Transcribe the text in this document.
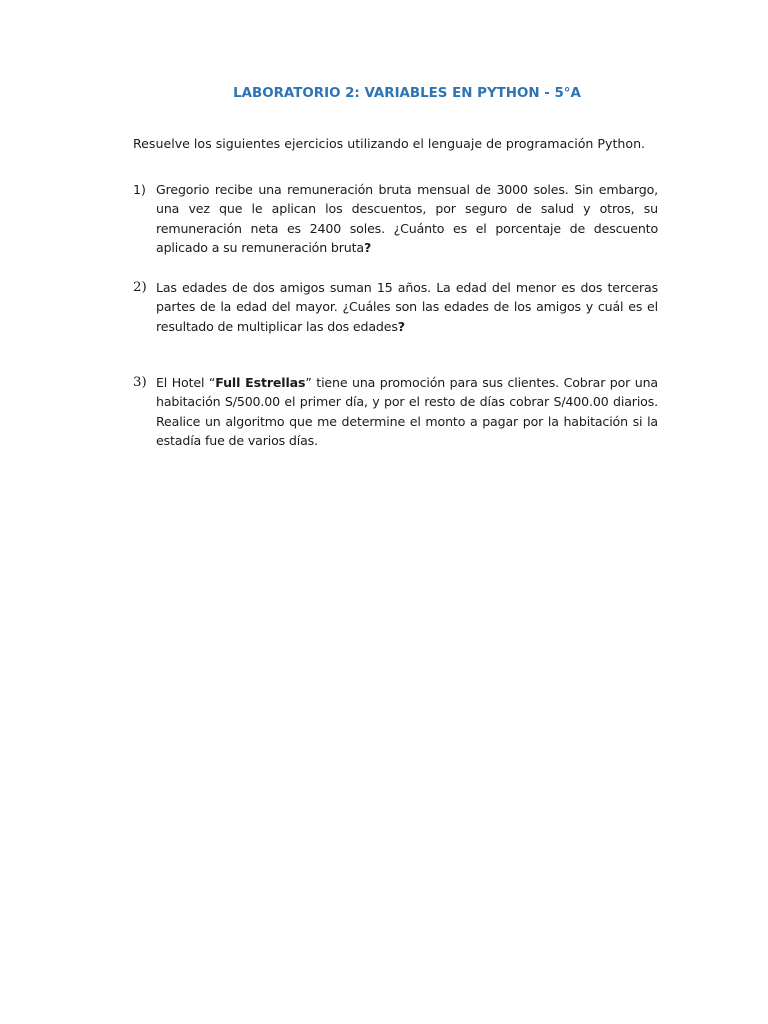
LABORATORIO 2: VARIABLES EN PYTHON - 5°A
Resuelve los siguientes ejercicios utilizando el lenguaje de programación Python.
1) Gregorio recibe una remuneración bruta mensual de 3000 soles. Sin embargo, una vez que le aplican los descuentos, por seguro de salud y otros, su remuneración neta es 2400 soles. ¿Cuánto es el porcentaje de descuento aplicado a su remuneración bruta?
2) Las edades de dos amigos suman 15 años. La edad del menor es dos terceras partes de la edad del mayor. ¿Cuáles son las edades de los amigos y cuál es el resultado de multiplicar las dos edades?
3) El Hotel “Full Estrellas” tiene una promoción para sus clientes. Cobrar por una habitación S/500.00 el primer día, y por el resto de días cobrar S/400.00 diarios. Realice un algoritmo que me determine el monto a pagar por la habitación si la estadía fue de varios días.
